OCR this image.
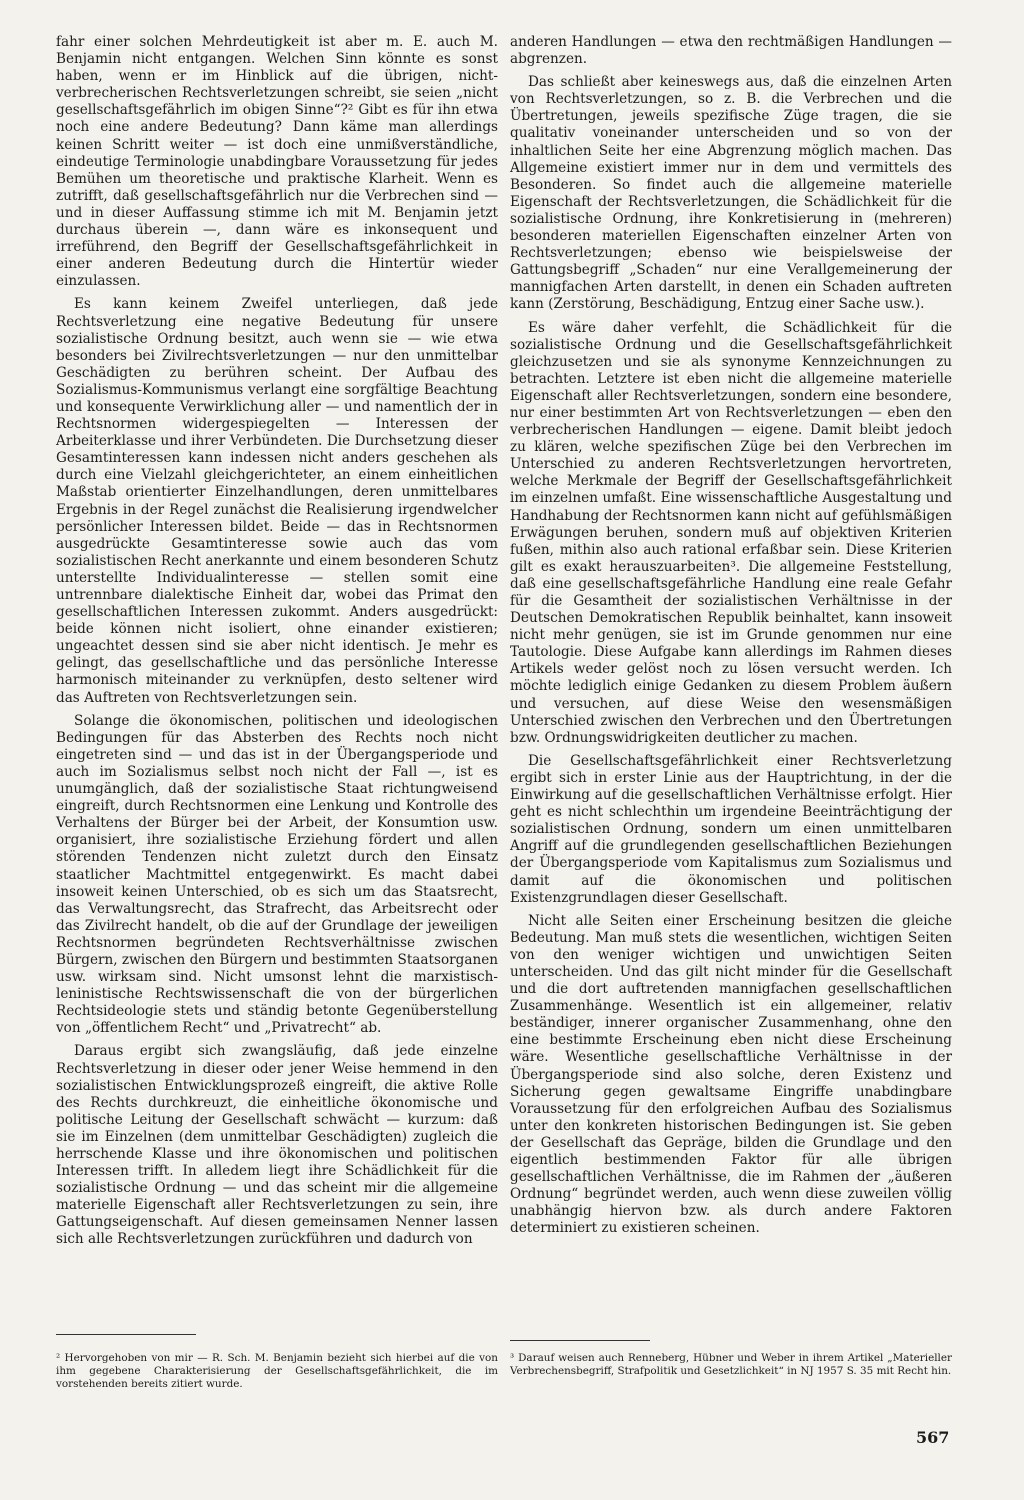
fahr einer solchen Mehrdeutigkeit ist aber m. E. auch M. Benjamin nicht entgangen. Welchen Sinn könnte es sonst haben, wenn er im Hinblick auf die übrigen, nicht-verbrecherischen Rechtsverletzungen schreibt, sie seien „nicht gesellschaftsgefährlich im obigen Sinne“?² Gibt es für ihn etwa noch eine andere Bedeutung? Dann käme man allerdings keinen Schritt weiter — ist doch eine unmißverständliche, eindeutige Terminologie unabdingbare Voraussetzung für jedes Bemühen um theoretische und praktische Klarheit. Wenn es zutrifft, daß gesellschaftsgefährlich nur die Verbrechen sind — und in dieser Auffassung stimme ich mit M. Benjamin jetzt durchaus überein —, dann wäre es inkonsequent und irreführend, den Begriff der Gesellschaftsgefährlichkeit in einer anderen Bedeutung durch die Hintertür wieder einzulassen.

Es kann keinem Zweifel unterliegen, daß jede Rechtsverletzung eine negative Bedeutung für unsere sozialistische Ordnung besitzt, auch wenn sie — wie etwa besonders bei Zivilrechtsverletzungen — nur den unmittelbar Geschädigten zu berühren scheint. Der Aufbau des Sozialismus-Kommunismus verlangt eine sorgfältige Beachtung und konsequente Verwirklichung aller — und namentlich der in Rechtsnormen widergespiegelten — Interessen der Arbeiterklasse und ihrer Verbündeten. Die Durchsetzung dieser Gesamtinteressen kann indessen nicht anders geschehen als durch eine Vielzahl gleichgerichteter, an einem einheitlichen Maßstab orientierter Einzelhandlungen, deren unmittelbares Ergebnis in der Regel zunächst die Realisierung irgendwelcher persönlicher Interessen bildet. Beide — das in Rechtsnormen ausgedrückte Gesamtinteresse sowie auch das vom sozialistischen Recht anerkannte und einem besonderen Schutz unterstellte Individualinteresse — stellen somit eine untrennbare dialektische Einheit dar, wobei das Primat den gesellschaftlichen Interessen zukommt. Anders ausgedrückt: beide können nicht isoliert, ohne einander existieren; ungeachtet dessen sind sie aber nicht identisch. Je mehr es gelingt, das gesellschaftliche und das persönliche Interesse harmonisch miteinander zu verknüpfen, desto seltener wird das Auftreten von Rechtsverletzungen sein.

Solange die ökonomischen, politischen und ideologischen Bedingungen für das Absterben des Rechts noch nicht eingetreten sind — und das ist in der Übergangsperiode und auch im Sozialismus selbst noch nicht der Fall —, ist es unumgänglich, daß der sozialistische Staat richtungweisend eingreift, durch Rechtsnormen eine Lenkung und Kontrolle des Verhaltens der Bürger bei der Arbeit, der Konsumtion usw. organisiert, ihre sozialistische Erziehung fördert und allen störenden Tendenzen nicht zuletzt durch den Einsatz staatlicher Machtmittel entgegenwirkt. Es macht dabei insoweit keinen Unterschied, ob es sich um das Staatsrecht, das Verwaltungsrecht, das Strafrecht, das Arbeitsrecht oder das Zivilrecht handelt, ob die auf der Grundlage der jeweiligen Rechtsnormen begründeten Rechtsverhältnisse zwischen Bürgern, zwischen den Bürgern und bestimmten Staatsorganen usw. wirksam sind. Nicht umsonst lehnt die marxistisch-leninistische Rechtswissenschaft die von der bürgerlichen Rechtsideologie stets und ständig betonte Gegenüberstellung von „öffentlichem Recht“ und „Privatrecht“ ab.

Daraus ergibt sich zwangsläufig, daß jede einzelne Rechtsverletzung in dieser oder jener Weise hemmend in den sozialistischen Entwicklungsprozeß eingreift, die aktive Rolle des Rechts durchkreuzt, die einheitliche ökonomische und politische Leitung der Gesellschaft schwächt — kurzum: daß sie im Einzelnen (dem unmittelbar Geschädigten) zugleich die herrschende Klasse und ihre ökonomischen und politischen Interessen trifft. In alledem liegt ihre Schädlichkeit für die sozialistische Ordnung — und das scheint mir die allgemeine materielle Eigenschaft aller Rechtsverletzungen zu sein, ihre Gattungseigenschaft. Auf diesen gemeinsamen Nenner lassen sich alle Rechtsverletzungen zurückführen und dadurch von

² Hervorgehoben von mir — R. Sch. M. Benjamin bezieht sich hierbei auf die von ihm gegebene Charakterisierung der Gesellschaftsgefährlichkeit, die im vorstehenden bereits zitiert wurde.

anderen Handlungen — etwa den rechtmäßigen Handlungen — abgrenzen.

Das schließt aber keineswegs aus, daß die einzelnen Arten von Rechtsverletzungen, so z. B. die Verbrechen und die Übertretungen, jeweils spezifische Züge tragen, die sie qualitativ voneinander unterscheiden und so von der inhaltlichen Seite her eine Abgrenzung möglich machen. Das Allgemeine existiert immer nur in dem und vermittels des Besonderen. So findet auch die allgemeine materielle Eigenschaft der Rechtsverletzungen, die Schädlichkeit für die sozialistische Ordnung, ihre Konkretisierung in (mehreren) besonderen materiellen Eigenschaften einzelner Arten von Rechtsverletzungen; ebenso wie beispielsweise der Gattungsbegriff „Schaden“ nur eine Verallgemeinerung der mannigfachen Arten darstellt, in denen ein Schaden auftreten kann (Zerstörung, Beschädigung, Entzug einer Sache usw.).

Es wäre daher verfehlt, die Schädlichkeit für die sozialistische Ordnung und die Gesellschaftsgefährlichkeit gleichzusetzen und sie als synonyme Kennzeichnungen zu betrachten. Letztere ist eben nicht die allgemeine materielle Eigenschaft aller Rechtsverletzungen, sondern eine besondere, nur einer bestimmten Art von Rechtsverletzungen — eben den verbrecherischen Handlungen — eigene. Damit bleibt jedoch zu klären, welche spezifischen Züge bei den Verbrechen im Unterschied zu anderen Rechtsverletzungen hervortreten, welche Merkmale der Begriff der Gesellschaftsgefährlichkeit im einzelnen umfaßt. Eine wissenschaftliche Ausgestaltung und Handhabung der Rechtsnormen kann nicht auf gefühlsmäßigen Erwägungen beruhen, sondern muß auf objektiven Kriterien fußen, mithin also auch rational erfaßbar sein. Diese Kriterien gilt es exakt herauszuarbeiten³. Die allgemeine Feststellung, daß eine gesellschaftsgefährliche Handlung eine reale Gefahr für die Gesamtheit der sozialistischen Verhältnisse in der Deutschen Demokratischen Republik beinhaltet, kann insoweit nicht mehr genügen, sie ist im Grunde genommen nur eine Tautologie. Diese Aufgabe kann allerdings im Rahmen dieses Artikels weder gelöst noch zu lösen versucht werden. Ich möchte lediglich einige Gedanken zu diesem Problem äußern und versuchen, auf diese Weise den wesensmäßigen Unterschied zwischen den Verbrechen und den Übertretungen bzw. Ordnungswidrigkeiten deutlicher zu machen.

Die Gesellschaftsgefährlichkeit einer Rechtsverletzung ergibt sich in erster Linie aus der Hauptrichtung, in der die Einwirkung auf die gesellschaftlichen Verhältnisse erfolgt. Hier geht es nicht schlechthin um irgendeine Beeinträchtigung der sozialistischen Ordnung, sondern um einen unmittelbaren Angriff auf die grundlegenden gesellschaftlichen Beziehungen der Übergangsperiode vom Kapitalismus zum Sozialismus und damit auf die ökonomischen und politischen Existenzgrundlagen dieser Gesellschaft.

Nicht alle Seiten einer Erscheinung besitzen die gleiche Bedeutung. Man muß stets die wesentlichen, wichtigen Seiten von den weniger wichtigen und unwichtigen Seiten unterscheiden. Und das gilt nicht minder für die Gesellschaft und die dort auftretenden mannigfachen gesellschaftlichen Zusammenhänge. Wesentlich ist ein allgemeiner, relativ beständiger, innerer organischer Zusammenhang, ohne den eine bestimmte Erscheinung eben nicht diese Erscheinung wäre. Wesentliche gesellschaftliche Verhältnisse in der Übergangsperiode sind also solche, deren Existenz und Sicherung gegen gewaltsame Eingriffe unabdingbare Voraussetzung für den erfolgreichen Aufbau des Sozialismus unter den konkreten historischen Bedingungen ist. Sie geben der Gesellschaft das Gepräge, bilden die Grundlage und den eigentlich bestimmenden Faktor für alle übrigen gesellschaftlichen Verhältnisse, die im Rahmen der „äußeren Ordnung“ begründet werden, auch wenn diese zuweilen völlig unabhängig hiervon bzw. als durch andere Faktoren determiniert zu existieren scheinen.

³ Darauf weisen auch Renneberg, Hübner und Weber in ihrem Artikel „Materieller Verbrechensbegriff, Strafpolitik und Gesetzlichkeit“ in NJ 1957 S. 35 mit Recht hin.

567
